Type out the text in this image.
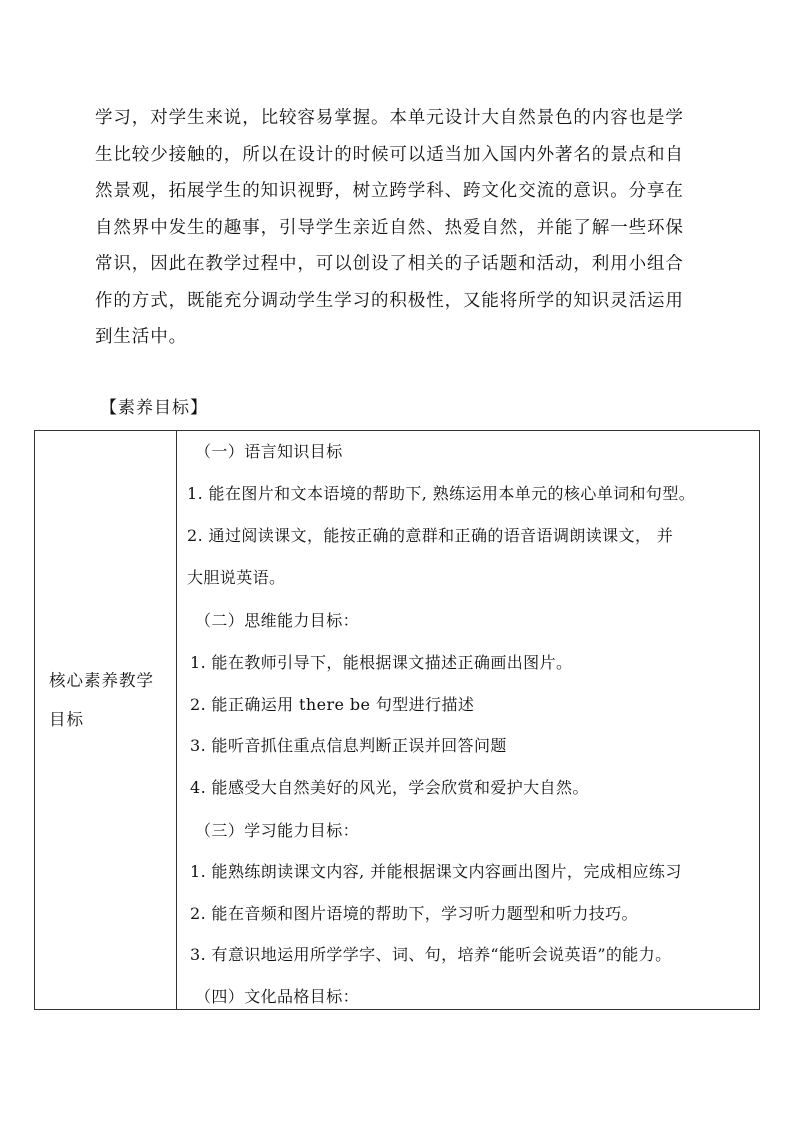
学习，对学生来说，比较容易掌握。本单元设计大自然景色的内容也是学
生比较少接触的，所以在设计的时候可以适当加入国内外著名的景点和自
然景观，拓展学生的知识视野，树立跨学科、跨文化交流的意识。分享在
自然界中发生的趣事，引导学生亲近自然、热爱自然，并能了解一些环保
常识，因此在教学过程中，可以创设了相关的子话题和活动，利用小组合
作的方式，既能充分调动学生学习的积极性，又能将所学的知识灵活运用
到生活中。
【素养目标】
核心素养教学
目标
（一）语言知识目标
1. 能在图片和文本语境的帮助下, 熟练运用本单元的核心单词和句型。
2. 通过阅读课文，能按正确的意群和正确的语音语调朗读课文， 并
大胆说英语。
（二）思维能力目标：
1. 能在教师引导下，能根据课文描述正确画出图片。
2. 能正确运用 there be 句型进行描述
3. 能听音抓住重点信息判断正误并回答问题
4. 能感受大自然美好的风光，学会欣赏和爱护大自然。
（三）学习能力目标：
1. 能熟练朗读课文内容, 并能根据课文内容画出图片，完成相应练习
2. 能在音频和图片语境的帮助下，学习听力题型和听力技巧。
3. 有意识地运用所学学字、词、句，培养“能听会说英语”的能力。
（四）文化品格目标：
